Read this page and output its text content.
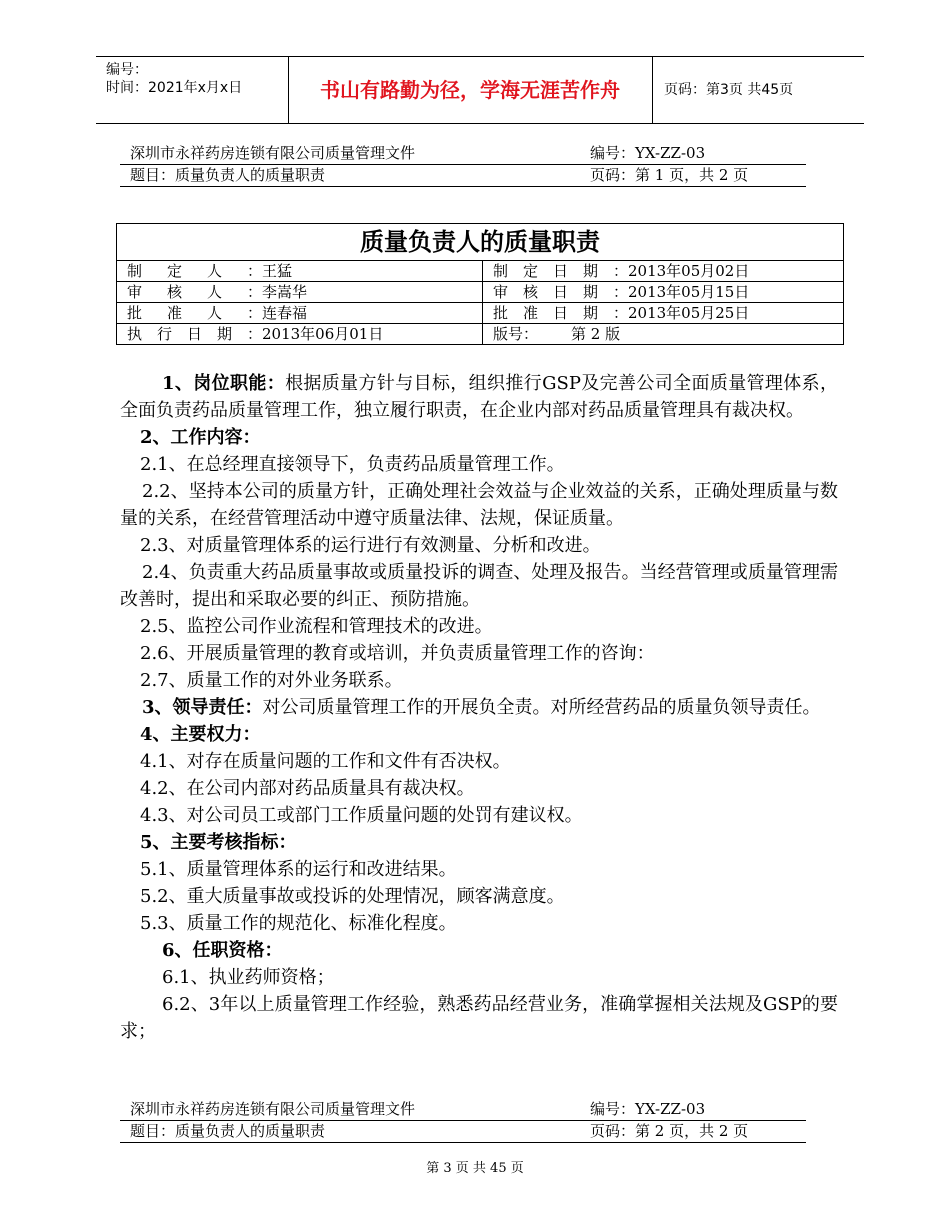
编号：
时间：2021年x月x日	书山有路勤为径，学海无涯苦作舟	页码：第3页 共45页
深圳市永祥药房连锁有限公司质量管理文件	编号：YX-ZZ-03
题目：质量负责人的质量职责	页码：第 1 页，共 2 页
质量负责人的质量职责	
制定人：王猛	制定日期：2013年05月02日
审核人：李嵩华	审核日期：2013年05月15日
批准人：连春福	批准日期：2013年05月25日
执行日期：2013年06月01日	版号： 第 2 版

1、岗位职能：根据质量方针与目标，组织推行GSP及完善公司全面质量管理体系，全面负责药品质量管理工作，独立履行职责，在企业内部对药品质量管理具有裁决权。

2、工作内容：

2.1、在总经理直接领导下，负责药品质量管理工作。

2.2、坚持本公司的质量方针，正确处理社会效益与企业效益的关系，正确处理质量与数量的关系，在经营管理活动中遵守质量法律、法规，保证质量。

2.3、对质量管理体系的运行进行有效测量、分析和改进。

2.4、负责重大药品质量事故或质量投诉的调查、处理及报告。当经营管理或质量管理需改善时，提出和采取必要的纠正、预防措施。

2.5、监控公司作业流程和管理技术的改进。

2.6、开展质量管理的教育或培训，并负责质量管理工作的咨询：

2.7、质量工作的对外业务联系。

3、领导责任：对公司质量管理工作的开展负全责。对所经营药品的质量负领导责任。

4、主要权力：

4.1、对存在质量问题的工作和文件有否决权。

4.2、在公司内部对药品质量具有裁决权。

4.3、对公司员工或部门工作质量问题的处罚有建议权。

5、主要考核指标：

5.1、质量管理体系的运行和改进结果。

5.2、重大质量事故或投诉的处理情况，顾客满意度。

5.3、质量工作的规范化、标准化程度。

6、任职资格：

6.1、执业药师资格；

6.2、3年以上质量管理工作经验，熟悉药品经营业务，准确掌握相关法规及GSP的要求；

深圳市永祥药房连锁有限公司质量管理文件	编号：YX-ZZ-03
题目：质量负责人的质量职责	页码：第 2 页，共 2 页
第 3 页 共 45 页
